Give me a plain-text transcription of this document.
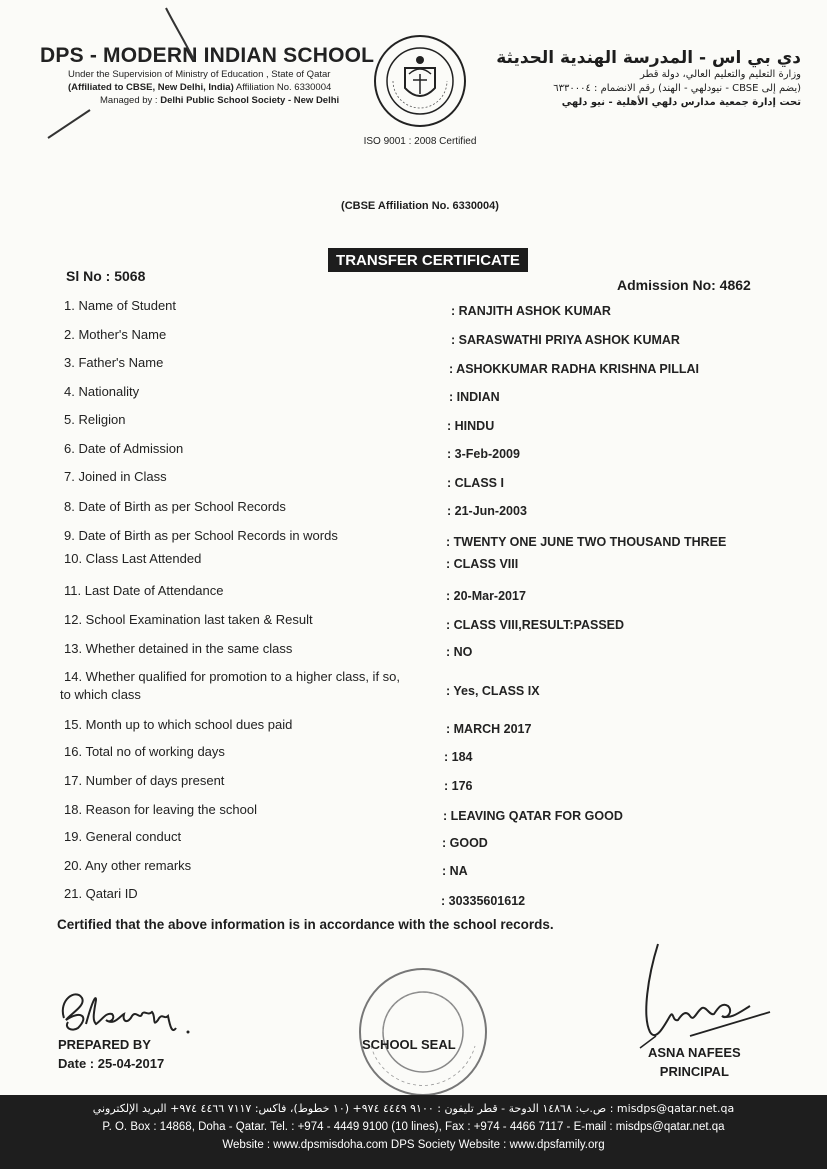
DPS - MODERN INDIAN SCHOOL
Under the Supervision of Ministry of Education , State of Qatar
(Affiliated to CBSE, New Delhi, India) Affiliation No. 6330004
Managed by : Delhi Public School Society - New Delhi
دي بي اس - المدرسة الهندية الحديثة
وزارة التعليم والتعليم العالي، دولة قطر
(يضم إلى CBSE - نيودلهي - الهند) رقم الانضمام : ٦٣٣٠٠٠٤
تحت إدارة جمعية مدارس دلهي الأهلية - نيو دلهي
ISO 9001 : 2008 Certified
(CBSE Affiliation No. 6330004)
TRANSFER CERTIFICATE
Sl No : 5068
Admission No: 4862
1. Name of Student	: RANJITH ASHOK KUMAR
2. Mother's Name	: SARASWATHI PRIYA ASHOK KUMAR
3. Father's Name	: ASHOKKUMAR RADHA KRISHNA PILLAI
4. Nationality	: INDIAN
5. Religion	: HINDU
6. Date of Admission	: 3-Feb-2009
7. Joined in Class	: CLASS I
8. Date of Birth as per School Records	: 21-Jun-2003
9. Date of Birth as per School Records in words	: TWENTY ONE JUNE TWO THOUSAND THREE
10. Class Last Attended	: CLASS VIII
11. Last Date of Attendance	: 20-Mar-2017
12. School Examination last taken & Result	: CLASS VIII,RESULT:PASSED
13. Whether detained in the same class	: NO
14. Whether qualified for promotion to a higher class, if so,
to which class	: Yes, CLASS IX
15. Month up to which school dues paid	: MARCH 2017
16. Total no of working days	: 184
17. Number of days present	: 176
18. Reason for leaving the school	: LEAVING QATAR FOR GOOD
19. General conduct	: GOOD
20. Any other remarks	: NA
21. Qatari ID	: 30335601612
Certified that the above information is in accordance with the school records.
PREPARED BY
Date : 25-04-2017
SCHOOL SEAL
ASNA NAFEES
PRINCIPAL
ص.ب: ١٤٨٦٨ الدوحة - قطر تليفون : ٩١٠٠ ٤٤٤٩ ٩٧٤+ (١٠ خطوط)، فاكس: ٧١١٧ ٤٤٦٦ ٩٧٤+ البريد الإلكتروني : misdps@qatar.net.qa
P. O. Box : 14868, Doha - Qatar. Tel. : +974 - 4449 9100 (10 lines), Fax : +974 - 4466 7117 - E-mail : misdps@qatar.net.qa
Website : www.dpsmisdoha.com DPS Society Website : www.dpsfamily.org
